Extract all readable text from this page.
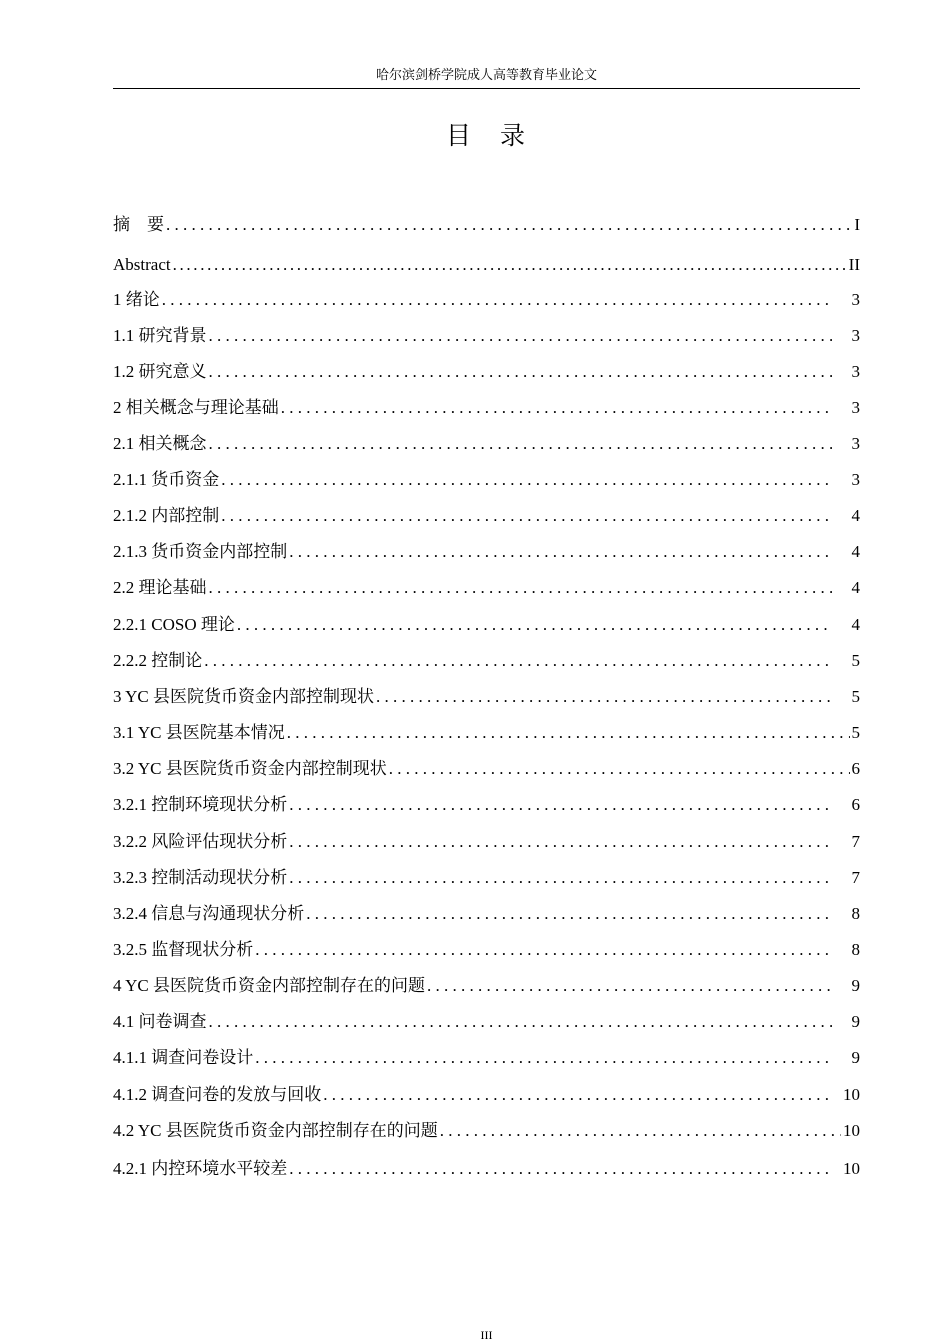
哈尔滨剑桥学院成人高等教育毕业论文
目　录
摘　要 . . .	I
Abstract . . .	II
1 绪论 . . .	3
1.1 研究背景 . . .	3
1.2 研究意义 . . .	3
2 相关概念与理论基础 . . .	3
2.1 相关概念 . . .	3
2.1.1 货币资金 . . .	3
2.1.2 内部控制 . . .	4
2.1.3 货币资金内部控制 . . .	4
2.2 理论基础 . . .	4
2.2.1 COSO 理论 . . .	4
2.2.2 控制论 . . .	5
3 YC 县医院货币资金内部控制现状 . . .	5
3.1 YC 县医院基本情况 . . .	5
3.2 YC 县医院货币资金内部控制现状 . . .	6
3.2.1 控制环境现状分析 . . .	6
3.2.2 风险评估现状分析 . . .	7
3.2.3 控制活动现状分析 . . .	7
3.2.4 信息与沟通现状分析 . . .	8
3.2.5 监督现状分析 . . .	8
4 YC 县医院货币资金内部控制存在的问题 . . .	9
4.1 问卷调查 . . .	9
4.1.1 调查问卷设计 . . .	9
4.1.2 调查问卷的发放与回收 . . .	10
4.2 YC 县医院货币资金内部控制存在的问题 . . .	10
4.2.1 内控环境水平较差 . . .	10
III
